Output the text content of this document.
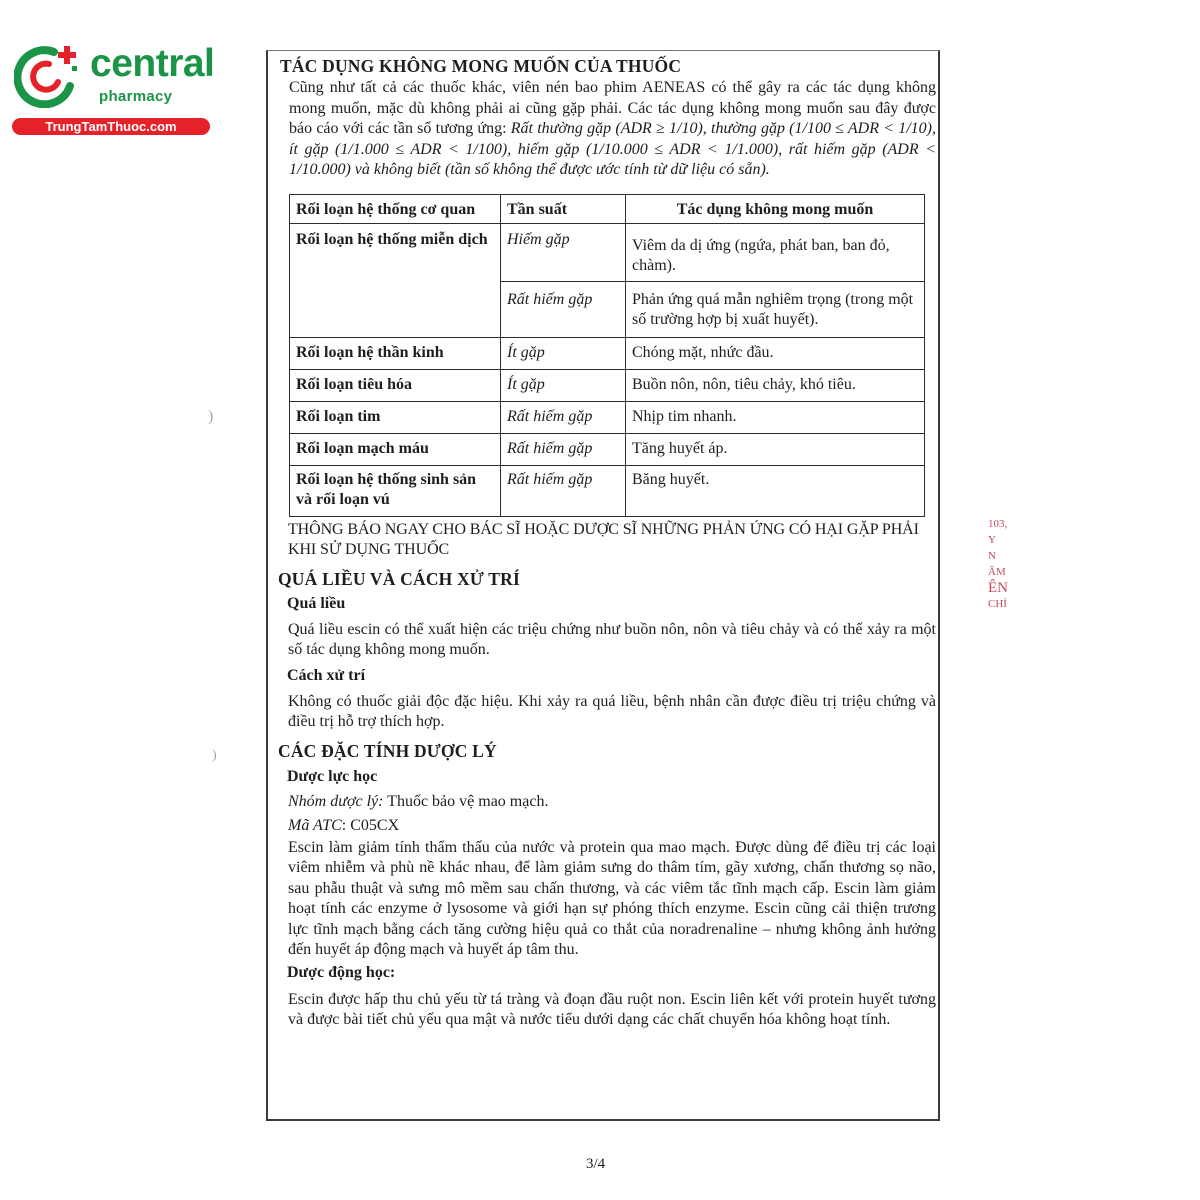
central
pharmacy
TrungTamThuoc.com
)
)
103,
Y
N
ÂM
ÊN
CHỈ
TÁC DỤNG KHÔNG MONG MUỐN CỦA THUỐC

Cũng như tất cả các thuốc khác, viên nén bao phim AENEAS có thể gây ra các tác dụng không mong muốn, mặc dù không phải ai cũng gặp phải. Các tác dụng không mong muốn sau đây được báo cáo với các tần số tương ứng: Rất thường gặp (ADR ≥ 1/10), thường gặp (1/100 ≤ ADR < 1/10), ít gặp (1/1.000 ≤ ADR < 1/100), hiếm gặp (1/10.000 ≤ ADR < 1/1.000), rất hiếm gặp (ADR < 1/10.000) và không biết (tần số không thể được ước tính từ dữ liệu có sẵn).

Rối loạn hệ thống cơ quan	Tần suất	Tác dụng không mong muốn
Rối loạn hệ thống miễn dịch	Hiếm gặp	Viêm da dị ứng (ngứa, phát ban, ban đỏ, chàm).
	Rất hiếm gặp	Phản ứng quá mẫn nghiêm trọng (trong một số trường hợp bị xuất huyết).
Rối loạn hệ thần kinh	Ít gặp	Chóng mặt, nhức đầu.
Rối loạn tiêu hóa	Ít gặp	Buồn nôn, nôn, tiêu chảy, khó tiêu.
Rối loạn tim	Rất hiếm gặp	Nhịp tim nhanh.
Rối loạn mạch máu	Rất hiếm gặp	Tăng huyết áp.
Rối loạn hệ thống sinh sản và rối loạn vú	Rất hiếm gặp	Băng huyết.
THÔNG BÁO NGAY CHO BÁC SĨ HOẶC DƯỢC SĨ NHỮNG PHẢN ỨNG CÓ HẠI GẶP PHẢI KHI SỬ DỤNG THUỐC
QUÁ LIỀU VÀ CÁCH XỬ TRÍ
Quá liều

Quá liều escin có thể xuất hiện các triệu chứng như buồn nôn, nôn và tiêu chảy và có thể xảy ra một số tác dụng không mong muốn.

Cách xử trí

Không có thuốc giải độc đặc hiệu. Khi xảy ra quá liều, bệnh nhân cần được điều trị triệu chứng và điều trị hỗ trợ thích hợp.

CÁC ĐẶC TÍNH DƯỢC LÝ
Dược lực học

Nhóm dược lý: Thuốc bảo vệ mao mạch.

Mã ATC: C05CX

Escin làm giảm tính thẩm thấu của nước và protein qua mao mạch. Được dùng để điều trị các loại viêm nhiễm và phù nề khác nhau, để làm giảm sưng do thâm tím, gãy xương, chấn thương sọ não, sau phẫu thuật và sưng mô mềm sau chấn thương, và các viêm tắc tĩnh mạch cấp. Escin làm giảm hoạt tính các enzyme ở lysosome và giới hạn sự phóng thích enzyme. Escin cũng cải thiện trương lực tĩnh mạch bằng cách tăng cường hiệu quả co thắt của noradrenaline – nhưng không ảnh hưởng đến huyết áp động mạch và huyết áp tâm thu.

Dược động học:

Escin được hấp thu chủ yếu từ tá tràng và đoạn đầu ruột non. Escin liên kết với protein huyết tương và được bài tiết chủ yếu qua mật và nước tiểu dưới dạng các chất chuyển hóa không hoạt tính.

3/4
